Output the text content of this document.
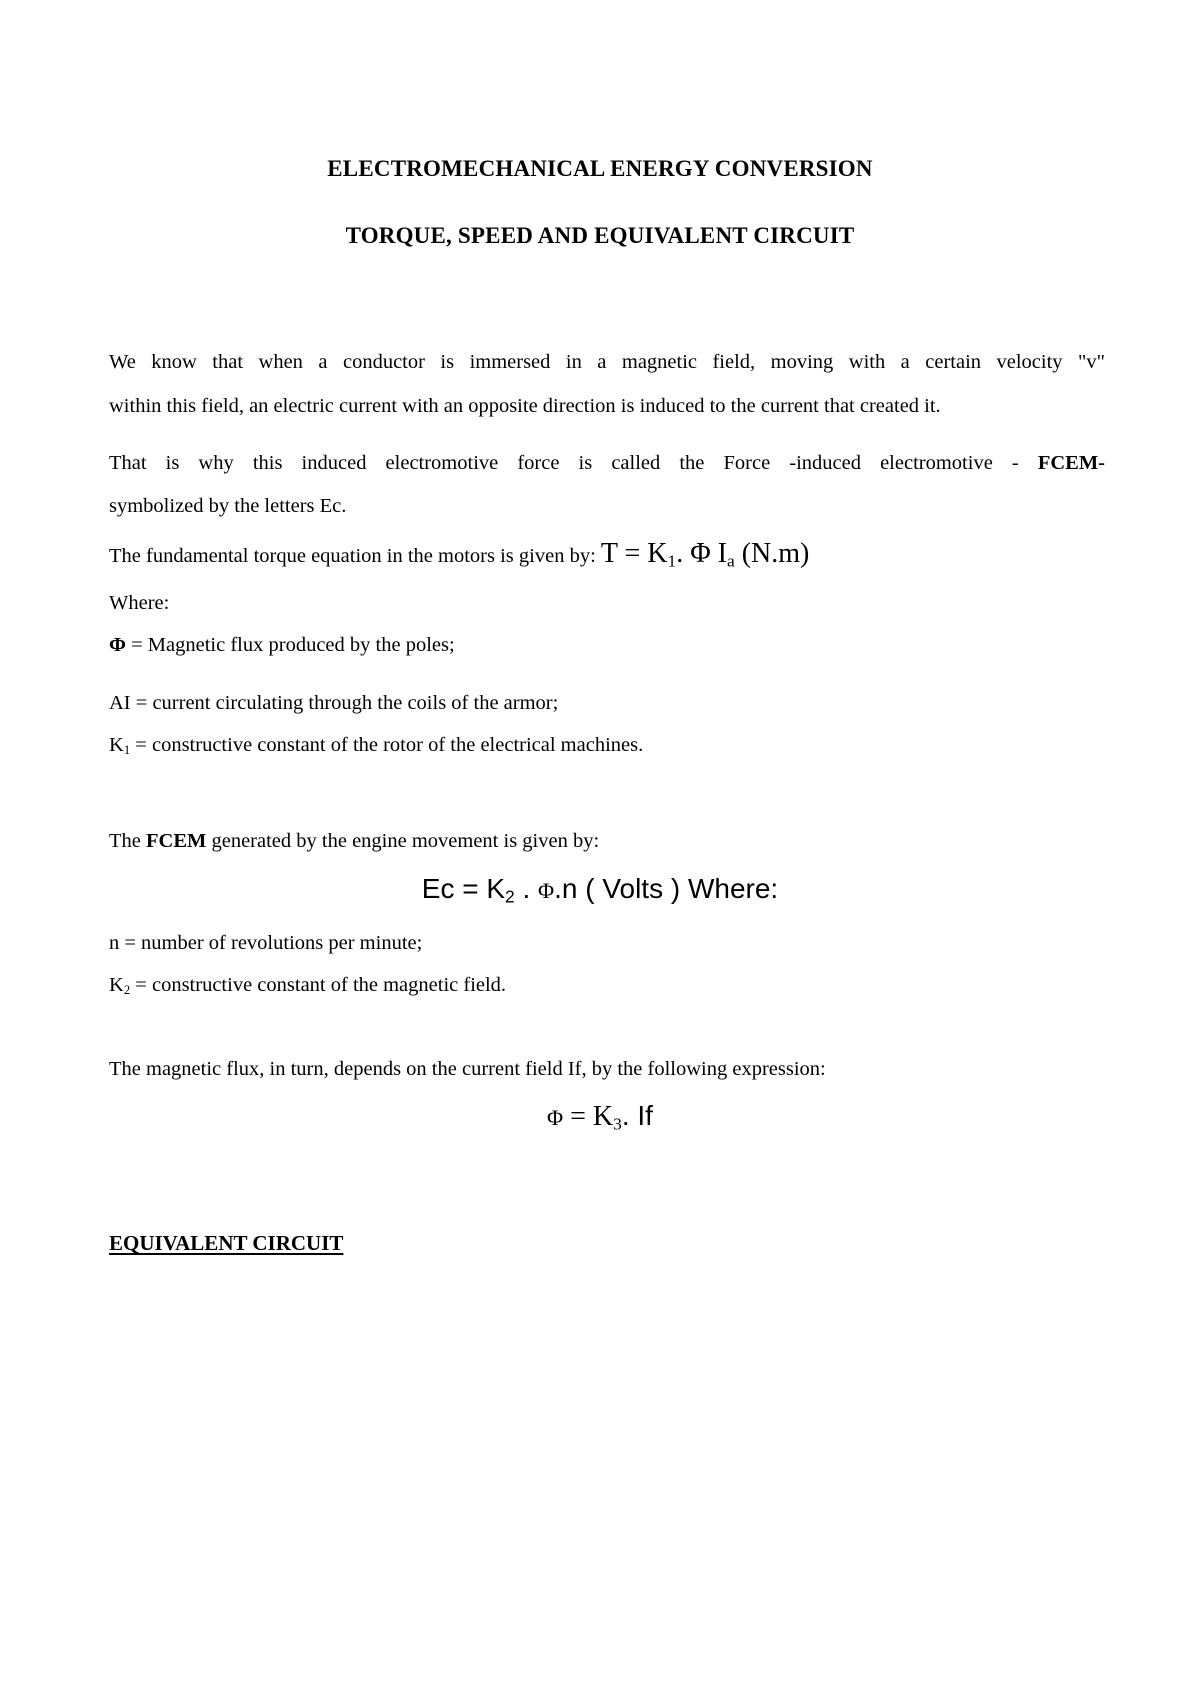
ELECTROMECHANICAL ENERGY CONVERSION
TORQUE, SPEED AND EQUIVALENT CIRCUIT
We know that when a conductor is immersed in a magnetic field, moving with a certain velocity "v"
within this field, an electric current with an opposite direction is induced to the current that created it.
That is why this induced electromotive force is called the Force -induced electromotive - FCEM-
symbolized by the letters Ec.
The fundamental torque equation in the motors is given by: $T = K_1$. Φ $I_a$ (N.m)
Where:
Φ = Magnetic flux produced by the poles;
AI = current circulating through the coils of the armor;
$K_1$ = constructive constant of the rotor of the electrical machines.
The FCEM generated by the engine movement is given by:
$Ec = K_2$ . Φ.n ( Volts ) Where:
n = number of revolutions per minute;
$K_2$ = constructive constant of the magnetic field.
The magnetic flux, in turn, depends on the current field If, by the following expression:
$\Phi = K_3$. If
EQUIVALENT CIRCUIT
